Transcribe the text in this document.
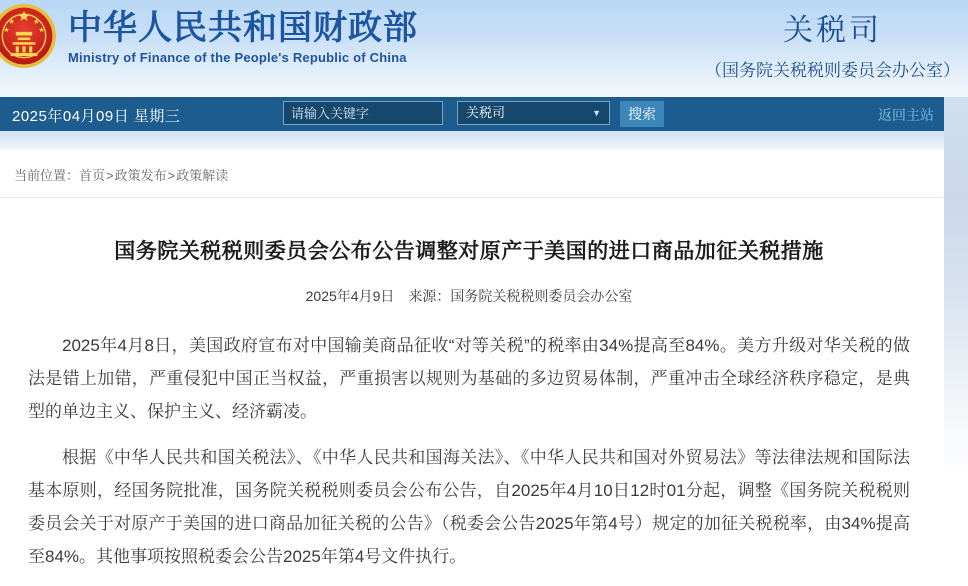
中华人民共和国财政部
Ministry of Finance of the People's Republic of China
关税司
（国务院关税税则委员会办公室）
2025年04月09日 星期三
请输入关键字	关税司	▼	搜索	返回主站
当前位置：首页>政策发布>政策解读
国务院关税税则委员会公布公告调整对原产于美国的进口商品加征关税措施
2025年4月9日　来源：国务院关税税则委员会办公室

2025年4月8日，美国政府宣布对中国输美商品征收“对等关税”的税率由34%提高至84%。美方升级对华关税的做法是错上加错，严重侵犯中国正当权益，严重损害以规则为基础的多边贸易体制，严重冲击全球经济秩序稳定，是典型的单边主义、保护主义、经济霸凌。

根据《中华人民共和国关税法》、《中华人民共和国海关法》、《中华人民共和国对外贸易法》等法律法规和国际法基本原则，经国务院批准，国务院关税税则委员会公布公告，自2025年4月10日12时01分起，调整《国务院关税税则委员会关于对原产于美国的进口商品加征关税的公告》（税委会公告2025年第4号）规定的加征关税税率，由34%提高至84%。其他事项按照税委会公告2025年第4号文件执行。
